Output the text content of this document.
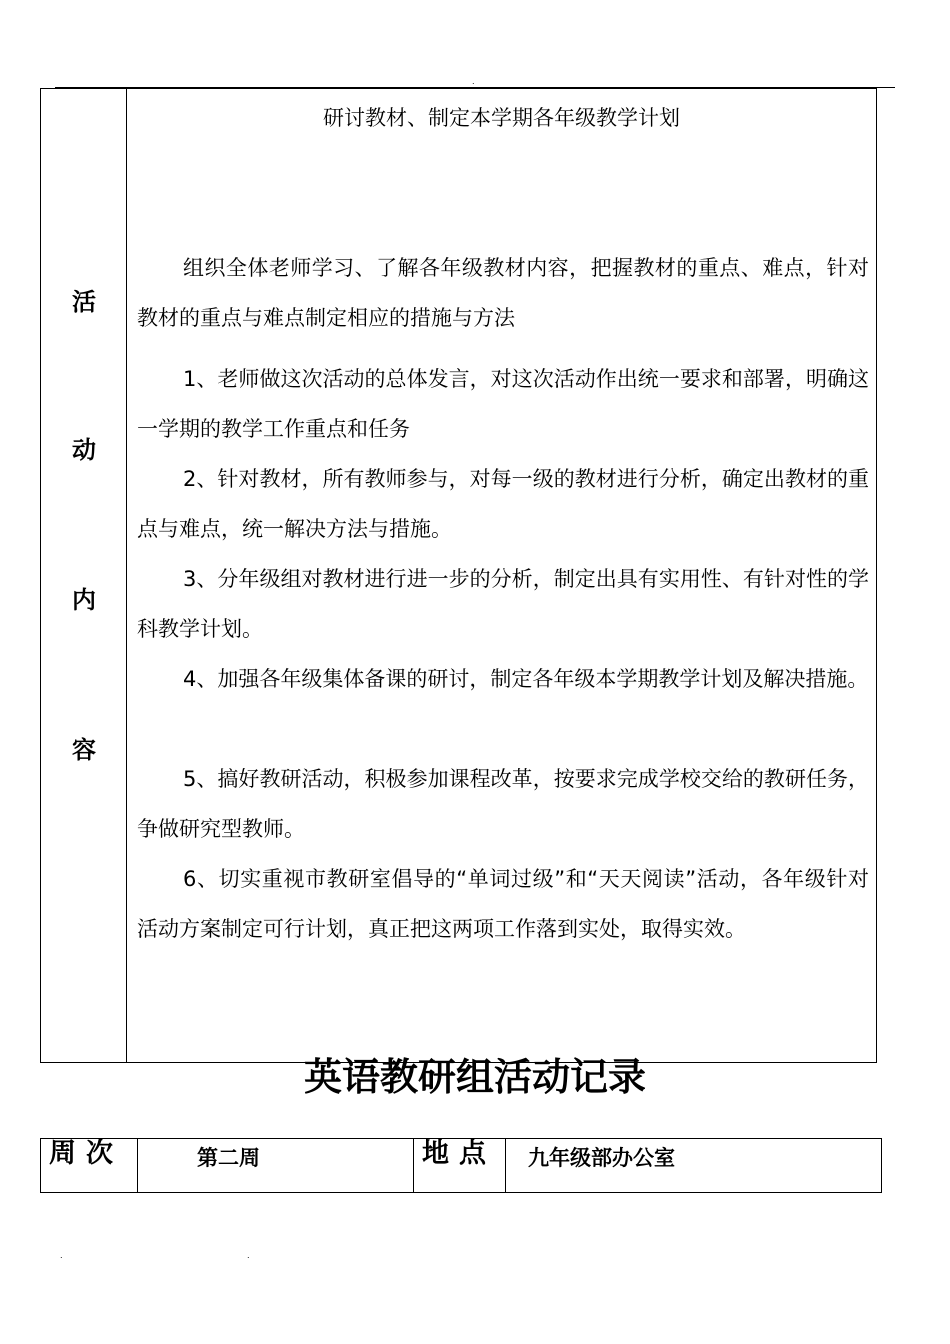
.
活
动
内
容
研讨教材、制定本学期各年级教学计划

组织全体老师学习、了解各年级教材内容，把握教材的重点、难点，针对教材的重点与难点制定相应的措施与方法

1、老师做这次活动的总体发言，对这次活动作出统一要求和部署，明确这一学期的教学工作重点和任务

2、针对教材，所有教师参与，对每一级的教材进行分析，确定出教材的重点与难点，统一解决方法与措施。

3、分年级组对教材进行进一步的分析，制定出具有实用性、有针对性的学科教学计划。

4、加强各年级集体备课的研讨，制定各年级本学期教学计划及解决措施。

5、搞好教研活动，积极参加课程改革，按要求完成学校交给的教研任务，争做研究型教师。

6、切实重视市教研室倡导的“单词过级”和“天天阅读”活动，各年级针对活动方案制定可行计划，真正把这两项工作落到实处，取得实效。

英语教研组活动记录
周次	第二周	地点 九年级部办公室
.	.
